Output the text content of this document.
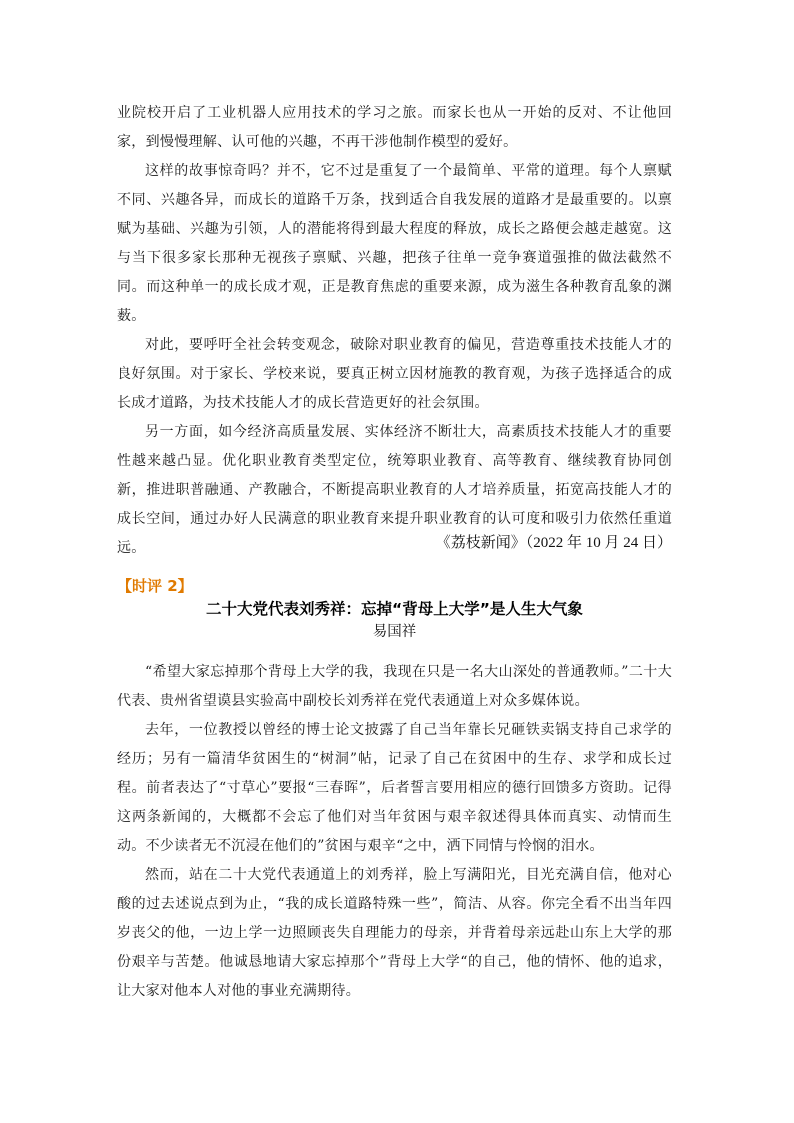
业院校开启了工业机器人应用技术的学习之旅。而家长也从一开始的反对、不让他回家，到慢慢理解、认可他的兴趣，不再干涉他制作模型的爱好。

这样的故事惊奇吗？并不，它不过是重复了一个最简单、平常的道理。每个人禀赋不同、兴趣各异，而成长的道路千万条，找到适合自我发展的道路才是最重要的。以禀赋为基础、兴趣为引领，人的潜能将得到最大程度的释放，成长之路便会越走越宽。这与当下很多家长那种无视孩子禀赋、兴趣，把孩子往单一竞争赛道强推的做法截然不同。而这种单一的成长成才观，正是教育焦虑的重要来源，成为滋生各种教育乱象的渊薮。

对此，要呼吁全社会转变观念，破除对职业教育的偏见，营造尊重技术技能人才的良好氛围。对于家长、学校来说，要真正树立因材施教的教育观，为孩子选择适合的成长成才道路，为技术技能人才的成长营造更好的社会氛围。

另一方面，如今经济高质量发展、实体经济不断壮大，高素质技术技能人才的重要性越来越凸显。优化职业教育类型定位，统筹职业教育、高等教育、继续教育协同创新，推进职普融通、产教融合，不断提高职业教育的人才培养质量，拓宽高技能人才的成长空间，通过办好人民满意的职业教育来提升职业教育的认可度和吸引力依然任重道远。	《荔枝新闻》（2022 年 10 月 24 日）
【时评 2】
二十大党代表刘秀祥：忘掉“背母上大学”是人生大气象
易国祥

“希望大家忘掉那个背母上大学的我，我现在只是一名大山深处的普通教师。”二十大代表、贵州省望谟县实验高中副校长刘秀祥在党代表通道上对众多媒体说。

去年，一位教授以曾经的博士论文披露了自己当年靠长兄砸铁卖锅支持自己求学的经历；另有一篇清华贫困生的“树洞”帖，记录了自己在贫困中的生存、求学和成长过程。前者表达了“寸草心”要报“三春晖”，后者誓言要用相应的德行回馈多方资助。记得这两条新闻的，大概都不会忘了他们对当年贫困与艰辛叙述得具体而真实、动情而生动。不少读者无不沉浸在他们的”贫困与艰辛“之中，洒下同情与怜悯的泪水。

然而，站在二十大党代表通道上的刘秀祥，脸上写满阳光，目光充满自信，他对心酸的过去述说点到为止，“我的成长道路特殊一些”，简洁、从容。你完全看不出当年四岁丧父的他，一边上学一边照顾丧失自理能力的母亲，并背着母亲远赴山东上大学的那份艰辛与苦楚。他诚恳地请大家忘掉那个”背母上大学“的自己，他的情怀、他的追求，让大家对他本人对他的事业充满期待。
